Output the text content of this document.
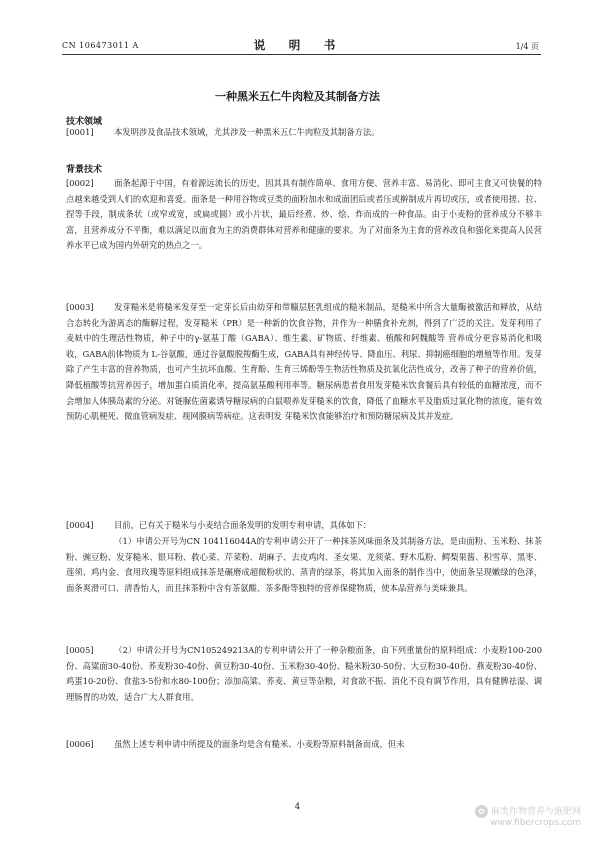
CN 106473011 A	说　明　书	1/4 页
一种黑米五仁牛肉粒及其制备方法
技术领域

[0001] 本发明涉及食品技术领域，尤其涉及一种黑米五仁牛肉粒及其制备方法。

背景技术

[0002] 面条起源于中国，有着源远流长的历史，因其具有制作简单、食用方便、营养丰富、易消化、即可主食又可快餐的特点越来越受到人们的欢迎和喜爱。面条是一种用谷物或豆类的面粉加水和成面团后或者压或擀制成片再切或压，或者使用搓、拉、捏等手段，制成条状（或窄或宽，或扁或圆）或小片状，最后经煮、炒、烩、炸而成的一种食品。由于小麦粉的营养成分不够丰富，且营养成分不平衡，难以满足以面食为主的消费群体对营养和健康的要求。为了对面条为主食的营养改良和强化来提高人民营养水平已成为国内外研究的热点之一。

[0003] 发芽糙米是将糙米发芽至一定芽长后由幼芽和带糠层胚乳组成的糙米制品，是糙米中所含大量酶被激活和释放，从结合态转化为游离态的酶解过程，发芽糙米（PR）是一种新的饮食谷物，并作为一种膳食补充剂，得到了广泛的关注。发芽利用了麦麸中的生理活性物质，种子中的γ-氨基丁酸（GABA）、维生素、矿物质、纤维素、植酸和阿魏酸等 营养成分更容易消化和吸收，GABA前体物质为 L-谷氨酸，通过谷氨酸脱羧酶生成，GABA具有神经传导、降血压、利尿、抑制癌细胞的增殖等作用。发芽除了产生丰富的营养物质，也可产生抗坏血酸、生育酚、生育三烯酚等生物活性物质及抗氧化活性成分，改善了种子的营养价值，降低植酸等抗营养因子，增加蛋白质消化率，提高氨基酸利用率等。糖尿病患者食用发芽糙米饮食餐后具有较低的血糖浓度，而不会增加人体胰岛素的分泌。对链脲佐菌素诱导糖尿病的白鼠喂养发芽糙米的饮食，降低了血糖水平及脂质过氧化物的浓度，能有效预防心肌梗死、微血管病发症、视网膜病等病症。这表明发 芽糙米饮食能够治疗和预防糖尿病及其并发症。

[0004] 目前，已有关于糙米与小麦结合面条发明的发明专利申请，具体如下：

（1）申请公开号为CN 104116044A的专利申请公开了一种抹茶风味面条及其制备方法，是由面粉、玉米粉、抹茶粉、豌豆粉、发芽糙米、银耳粉、救心菜、芹菜粉、胡麻子、去皮鸡肉、圣女果、龙须菜、野木瓜粉、鳄梨果酱、积雪草、黑枣、莲须、鸡内金、食用玫瑰等原料组成抹茶是碾磨成超微粉状的、蒸青的绿茶，将其加入面条的制作当中，使面条呈现嫩绿的色泽，面条爽滑可口、清香怡人，而且抹茶粉中含有茶氨酸、茶多酚等独特的营养保健物质，使本品营养与美味兼具。

[0005] （2）申请公开号为CN105249213A的专利申请公开了一种杂粮面条，由下列重量份的原料组成：小麦粉100-200份、高粱面30-40份、荞麦粉30-40份、黄豆粉30-40份、玉米粉30-40份、糙米粉30-50份、大豆粉30-40份、燕麦粉30-40份、鸡蛋10-20份、食盐3-5份和水80-100份；添加高粱、荞麦、黄豆等杂粮，对食欲不振、消化不良有调节作用，具有健脾祛湿、调理肠胃的功效，适合广大人群食用。

[0006] 虽然上述专利申请中所提及的面条均是含有糙米、小麦粉等原料制备而成，但未

4	✿ 麻类作物营养与施肥网
www.fibercrops.com
